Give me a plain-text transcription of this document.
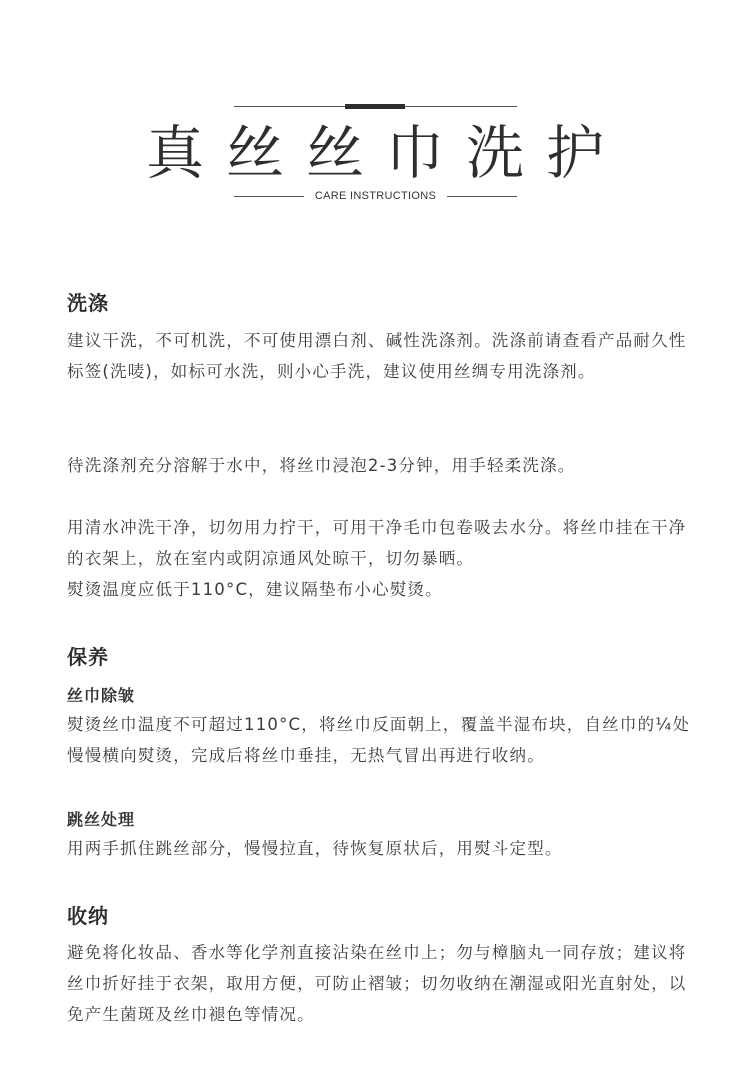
真丝丝巾洗护
CARE INSTRUCTIONS
洗涤

建议干洗，不可机洗，不可使用漂白剂、碱性洗涤剂。洗涤前请查看产品耐久性标签(洗唛)，如标可水洗，则小心手洗，建议使用丝绸专用洗涤剂。

待洗涤剂充分溶解于水中，将丝巾浸泡2-3分钟，用手轻柔洗涤。

用清水冲洗干净，切勿用力拧干，可用干净毛巾包卷吸去水分。将丝巾挂在干净的衣架上，放在室内或阴凉通风处晾干，切勿暴晒。

熨烫温度应低于110°C，建议隔垫布小心熨烫。

保养
丝巾除皱

熨烫丝巾温度不可超过110°C，将丝巾反面朝上，覆盖半湿布块，自丝巾的¼处慢慢横向熨烫，完成后将丝巾垂挂，无热气冒出再进行收纳。

跳丝处理

用两手抓住跳丝部分，慢慢拉直，待恢复原状后，用熨斗定型。

收纳

避免将化妆品、香水等化学剂直接沾染在丝巾上；勿与樟脑丸一同存放；建议将丝巾折好挂于衣架，取用方便，可防止褶皱；切勿收纳在潮湿或阳光直射处，以免产生菌斑及丝巾褪色等情况。
